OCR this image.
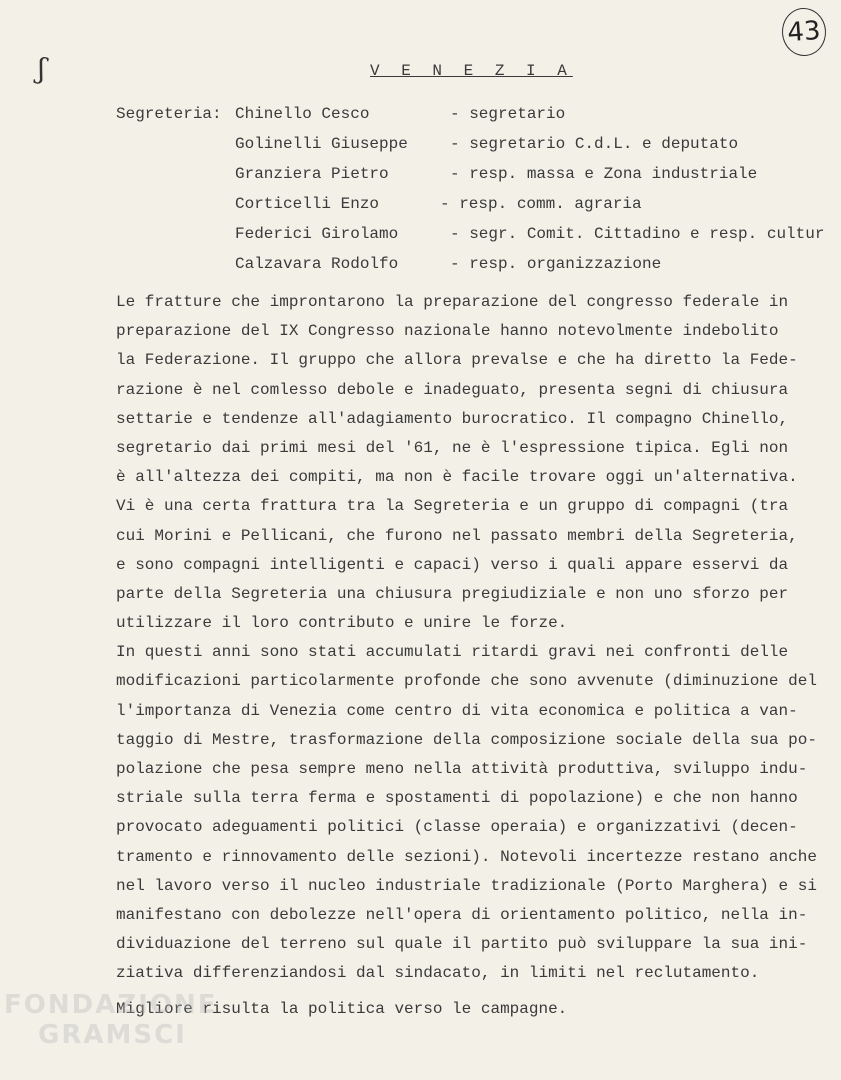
ʃ
43
V E N E Z I A
Segreteria: Chinello Cesco	- segretario
Golinelli Giuseppe	- segretario C.d.L. e deputato
Granziera Pietro	- resp. massa e Zona industriale
Corticelli Enzo	- resp. comm. agraria
Federici Girolamo	- segr. Comit. Cittadino e resp. cultur
Calzavara Rodolfo	- resp. organizzazione
Le fratture che improntarono la preparazione del congresso federale in
preparazione del IX Congresso nazionale hanno notevolmente indebolito
la Federazione. Il gruppo che allora prevalse e che ha diretto la Fede-
razione è nel comlesso debole e inadeguato, presenta segni di chiusura
settarie e tendenze all'adagiamento burocratico. Il compagno Chinello,
segretario dai primi mesi del '61, ne è l'espressione tipica. Egli non
è all'altezza dei compiti, ma non è facile trovare oggi un'alternativa.
Vi è una certa frattura tra la Segreteria e un gruppo di compagni (tra
cui Morini e Pellicani, che furono nel passato membri della Segreteria,
e sono compagni intelligenti e capaci) verso i quali appare esservi da
parte della Segreteria una chiusura pregiudiziale e non uno sforzo per
utilizzare il loro contributo e unire le forze.
In questi anni sono stati accumulati ritardi gravi nei confronti delle
modificazioni particolarmente profonde che sono avvenute (diminuzione del
l'importanza di Venezia come centro di vita economica e politica a van-
taggio di Mestre, trasformazione della composizione sociale della sua po-
polazione che pesa sempre meno nella attività produttiva, sviluppo indu-
striale sulla terra ferma e spostamenti di popolazione) e che non hanno
provocato adeguamenti politici (classe operaia) e organizzativi (decen-
tramento e rinnovamento delle sezioni). Notevoli incertezze restano anche
nel lavoro verso il nucleo industriale tradizionale (Porto Marghera) e si
manifestano con debolezze nell'opera di orientamento politico, nella in-
dividuazione del terreno sul quale il partito può sviluppare la sua ini-
ziativa differenziandosi dal sindacato, in limiti nel reclutamento.
Migliore risulta la politica verso le campagne.
FONDAZIONE
GRAMSCI
